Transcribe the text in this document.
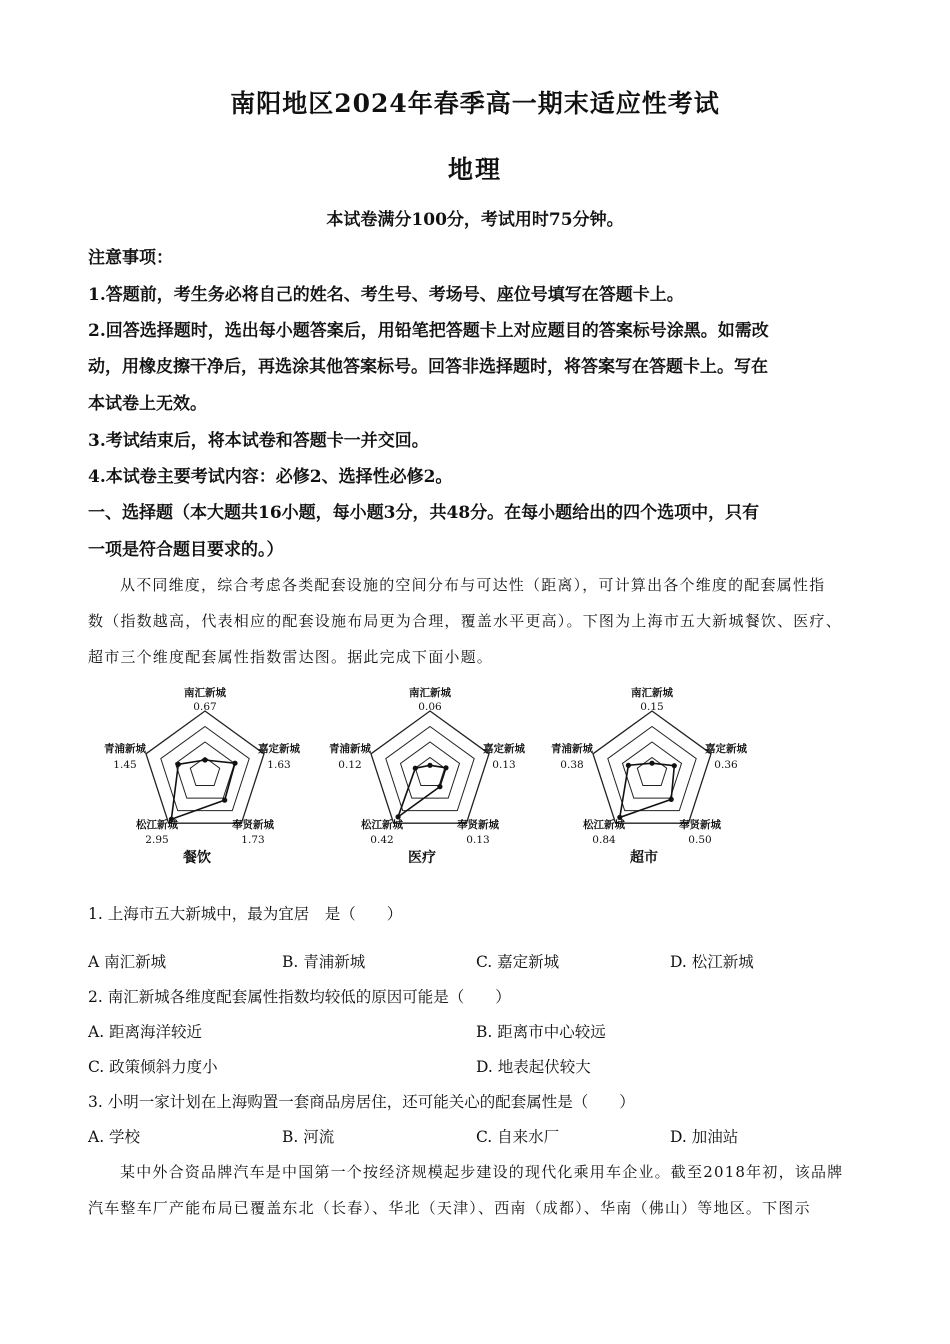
南阳地区2024年春季高一期末适应性考试
地理
本试卷满分100分，考试用时75分钟。
注意事项：
1.答题前，考生务必将自己的姓名、考生号、考场号、座位号填写在答题卡上。
2.回答选择题时，选出每小题答案后，用铅笔把答题卡上对应题目的答案标号涂黑。如需改
动，用橡皮擦干净后，再选涂其他答案标号。回答非选择题时，将答案写在答题卡上。写在
本试卷上无效。
3.考试结束后，将本试卷和答题卡一并交回。
4.本试卷主要考试内容：必修2、选择性必修2。
一、选择题（本大题共16小题，每小题3分，共48分。在每小题给出的四个选项中，只有
一项是符合题目要求的。）
从不同维度，综合考虑各类配套设施的空间分布与可达性（距离），可计算出各个维度的配套属性指
数（指数越高，代表相应的配套设施布局更为合理，覆盖水平更高）。下图为上海市五大新城餐饮、医疗、
超市三个维度配套属性指数雷达图。据此完成下面小题。
南汇新城
0.67
嘉定新城
1.63
奉贤新城
1.73
松江新城
2.95
青浦新城
1.45
餐饮
南汇新城
0.06
嘉定新城
0.13
奉贤新城
0.13
松江新城
0.42
青浦新城
0.12
医疗
南汇新城
0.15
嘉定新城
0.36
奉贤新城
0.50
松江新城
0.84
青浦新城
0.38
超市
1. 上海市五大新城中，最为宜居　是（　　）
A 南汇新城	B. 青浦新城	C. 嘉定新城	D. 松江新城
2. 南汇新城各维度配套属性指数均较低的原因可能是（　　）
A. 距离海洋较近	B. 距离市中心较远
C. 政策倾斜力度小	D. 地表起伏较大
3. 小明一家计划在上海购置一套商品房居住，还可能关心的配套属性是（　　）
A. 学校	B. 河流	C. 自来水厂	D. 加油站
某中外合资品牌汽车是中国第一个按经济规模起步建设的现代化乘用车企业。截至2018年初，该品牌
汽车整车厂产能布局已覆盖东北（长春）、华北（天津）、西南（成都）、华南（佛山）等地区。下图示
